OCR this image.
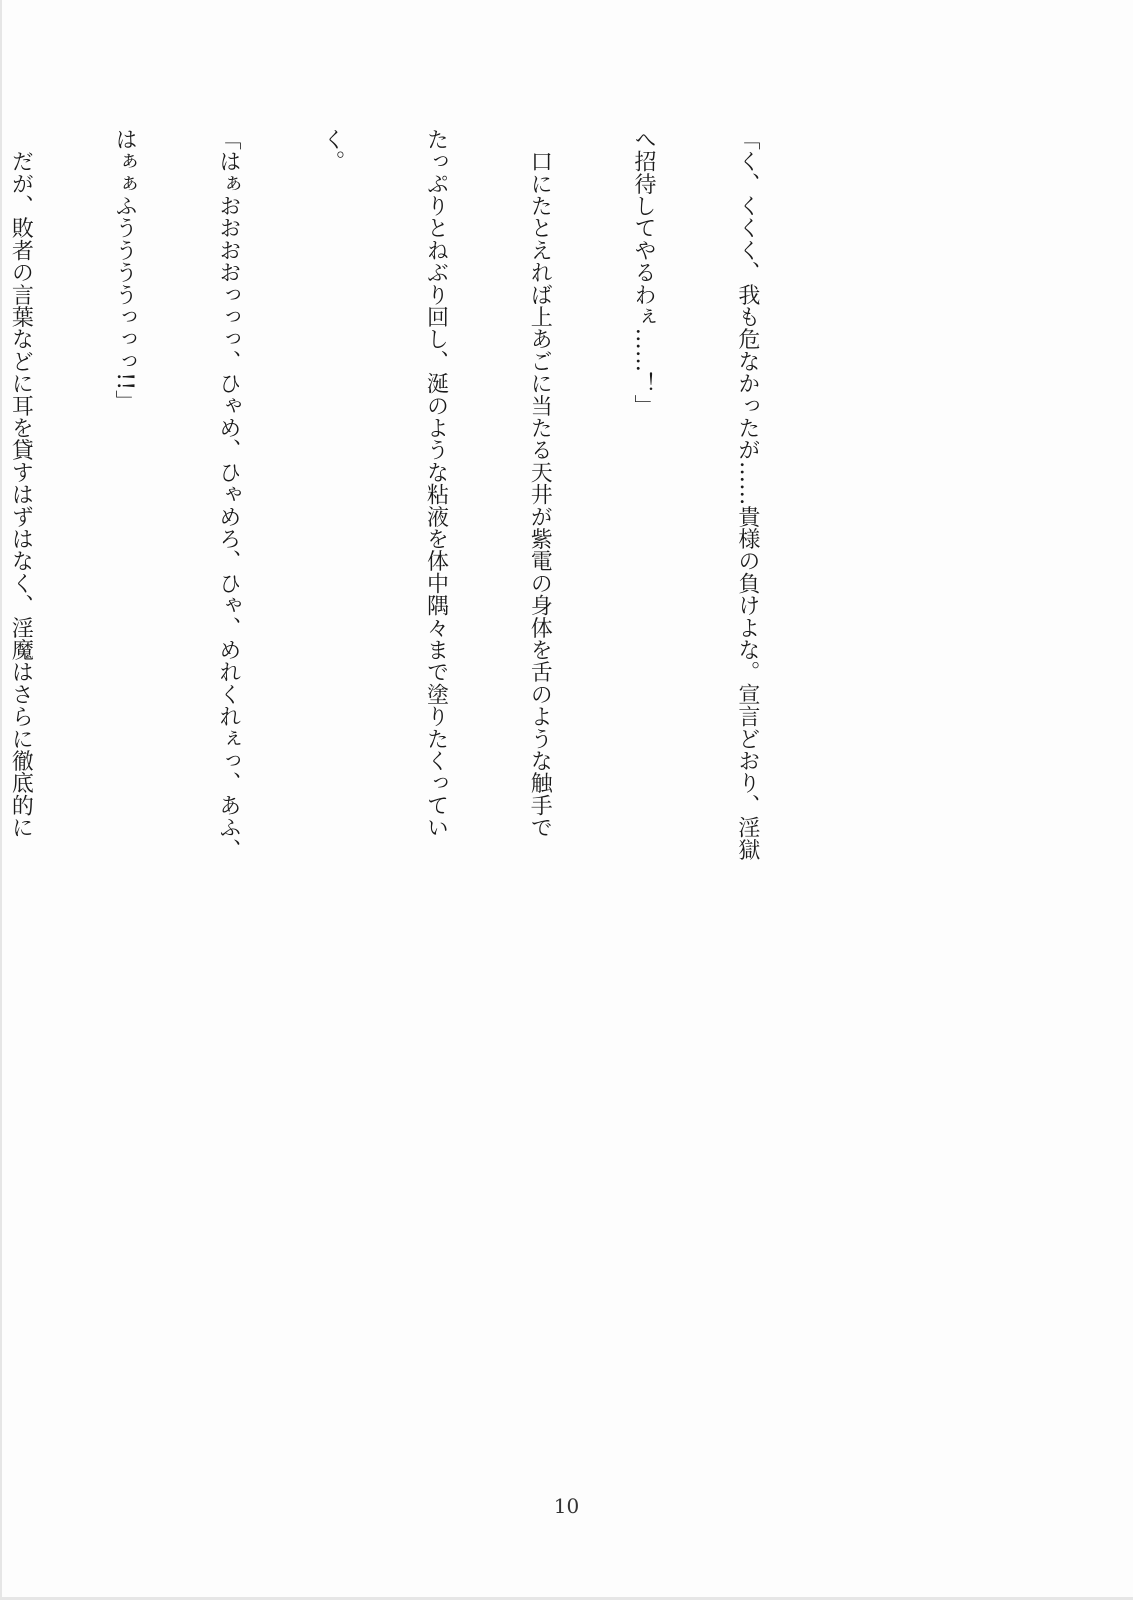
「く、くくく、我も危なかったが……貴様の負けよな。宣言どおり、淫獄

へ招待してやるわぇ……！」

　口にたとえれば上あごに当たる天井が紫電の身体を舌のような触手で

たっぷりとねぶり回し、涎のような粘液を体中隅々まで塗りたくってい

く。

「はぁおおおおっっっ、ひゃめ、ひゃめろ、ひゃ、めれくれぇっ、あふ、

はぁぁふううううっっっ!!」

　だが、敗者の言葉などに耳を貸すはずはなく、淫魔はさらに徹底的に

10
